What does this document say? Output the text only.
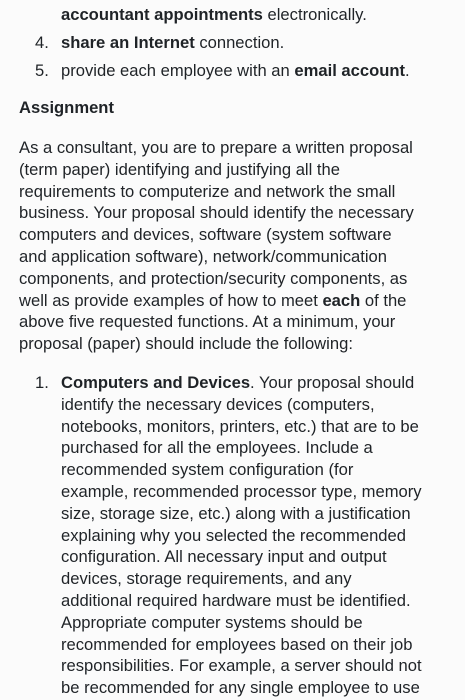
accountant appointments electronically.
4. share an Internet connection.
5. provide each employee with an email account.
Assignment
As a consultant, you are to prepare a written proposal
(term paper) identifying and justifying all the
requirements to computerize and network the small
business. Your proposal should identify the necessary
computers and devices, software (system software
and application software), network/communication
components, and protection/security components, as
well as provide examples of how to meet each of the
above five requested functions. At a minimum, your
proposal (paper) should include the following:
1. Computers and Devices. Your proposal should
identify the necessary devices (computers,
notebooks, monitors, printers, etc.) that are to be
purchased for all the employees. Include a
recommended system configuration (for
example, recommended processor type, memory
size, storage size, etc.) along with a justification
explaining why you selected the recommended
configuration. All necessary input and output
devices, storage requirements, and any
additional required hardware must be identified.
Appropriate computer systems should be
recommended for employees based on their job
responsibilities. For example, a server should not
be recommended for any single employee to use
